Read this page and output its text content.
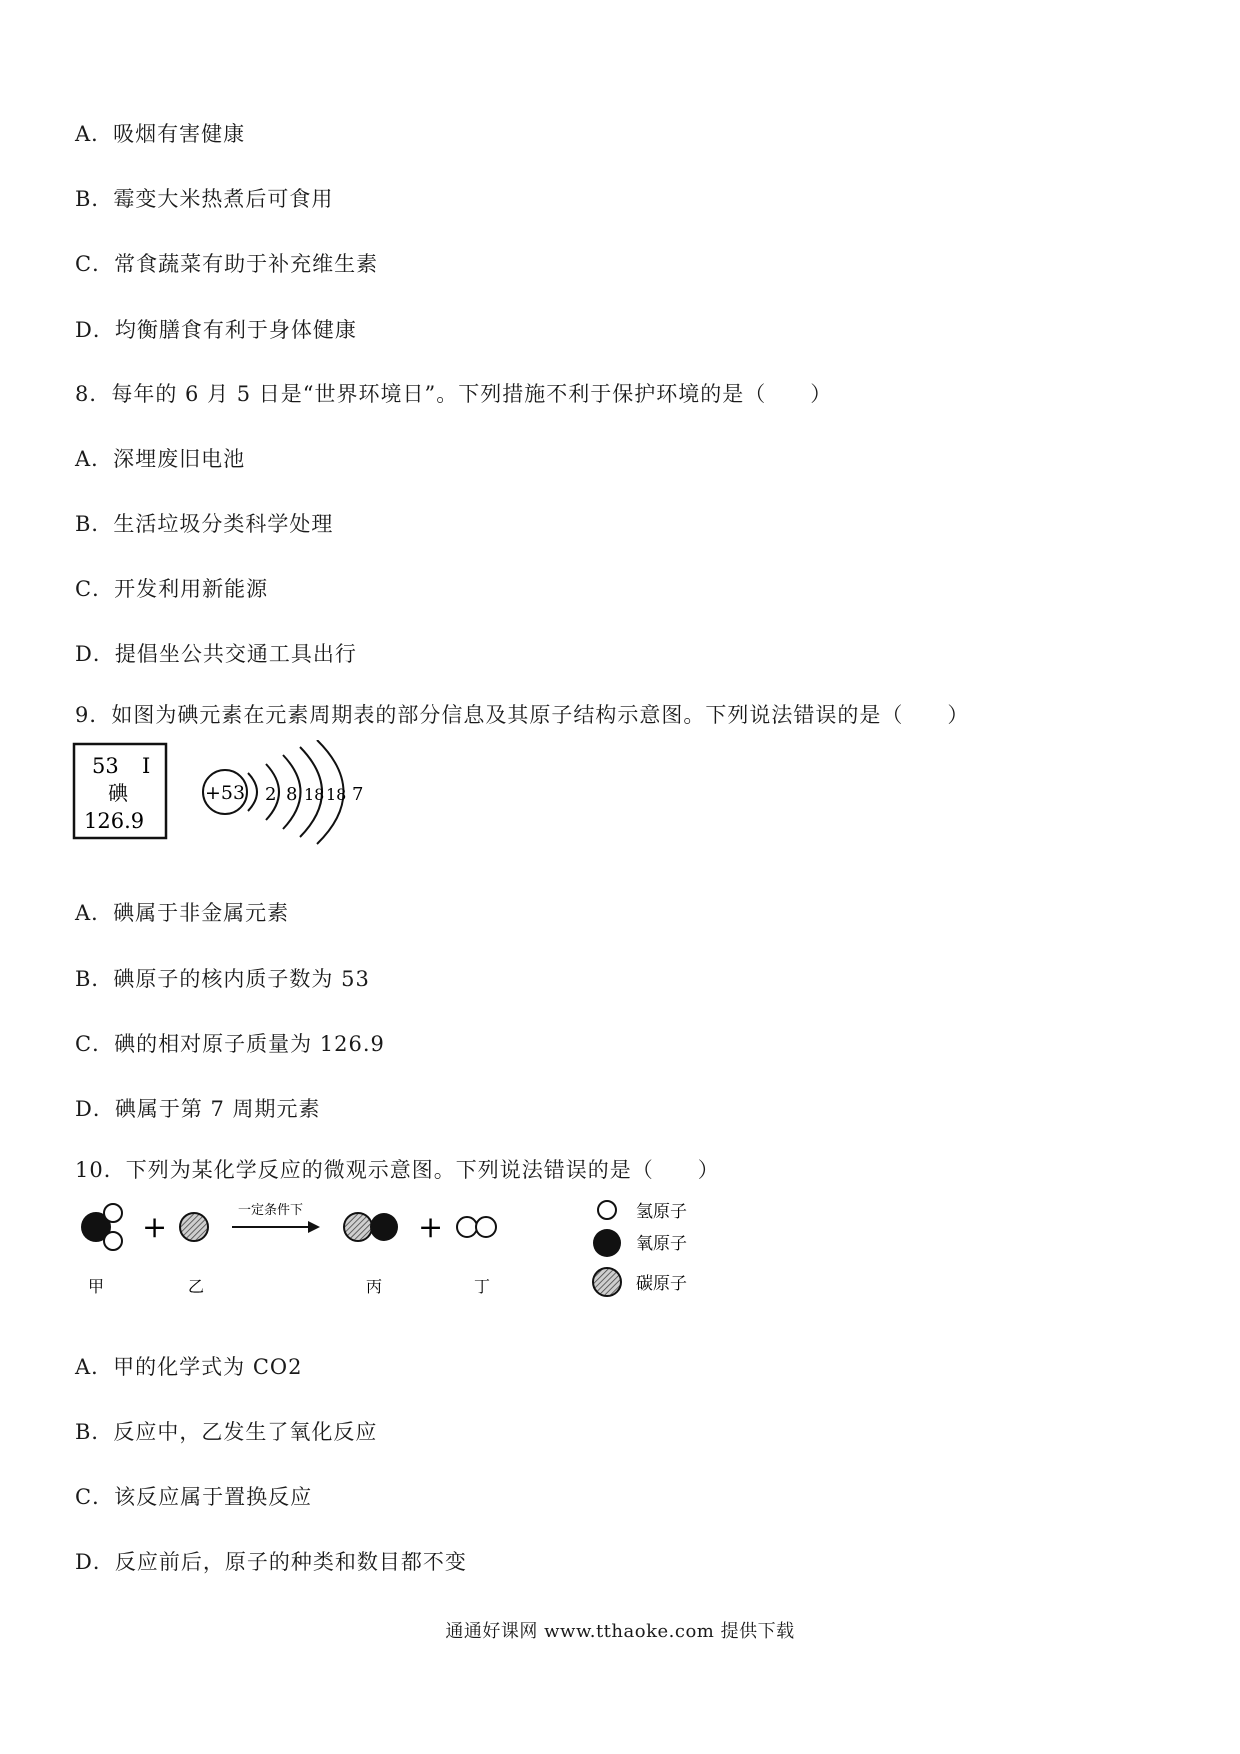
A．吸烟有害健康
B．霉变大米热煮后可食用
C．常食蔬菜有助于补充维生素
D．均衡膳食有利于身体健康
8．每年的 6 月 5 日是“世界环境日”。下列措施不利于保护环境的是（　　）
A．深埋废旧电池
B．生活垃圾分类科学处理
C．开发利用新能源
D．提倡坐公共交通工具出行
9．如图为碘元素在元素周期表的部分信息及其原子结构示意图。下列说法错误的是（　　）
53 I
碘
126.9
+53 2 8 18 18 7
A．碘属于非金属元素
B．碘原子的核内质子数为 53
C．碘的相对原子质量为 126.9
D．碘属于第 7 周期元素
10．下列为某化学反应的微观示意图。下列说法错误的是（　　）
+	一定条件下	+
甲	乙	丙	丁
氢原子
氧原子
碳原子
A．甲的化学式为 CO2
B．反应中，乙发生了氧化反应
C．该反应属于置换反应
D．反应前后，原子的种类和数目都不变
通通好课网 www.tthaoke.com 提供下载
